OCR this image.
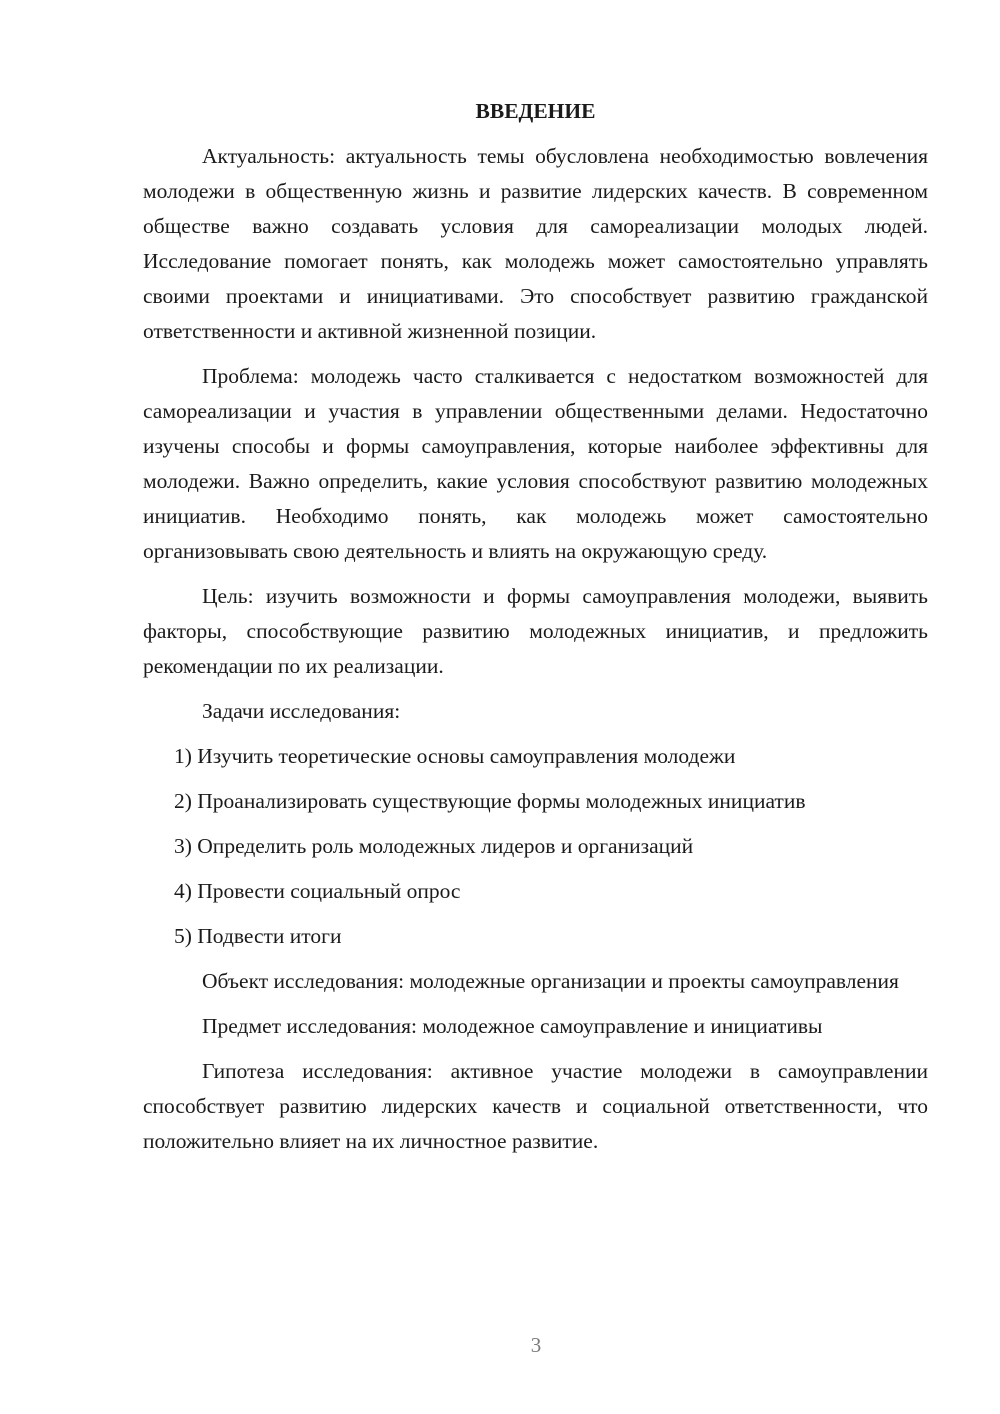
ВВЕДЕНИЕ

Актуальность: актуальность темы обусловлена необходимостью вовлечения молодежи в общественную жизнь и развитие лидерских качеств. В современном обществе важно создавать условия для самореализации молодых людей. Исследование помогает понять, как молодежь может самостоятельно управлять своими проектами и инициативами. Это способствует развитию гражданской ответственности и активной жизненной позиции.

Проблема: молодежь часто сталкивается с недостатком возможностей для самореализации и участия в управлении общественными делами. Недостаточно изучены способы и формы самоуправления, которые наиболее эффективны для молодежи. Важно определить, какие условия способствуют развитию молодежных инициатив. Необходимо понять, как молодежь может самостоятельно организовывать свою деятельность и влиять на окружающую среду.

Цель: изучить возможности и формы самоуправления молодежи, выявить факторы, способствующие развитию молодежных инициатив, и предложить рекомендации по их реализации.

Задачи исследования:

1) Изучить теоретические основы самоуправления молодежи
2) Проанализировать существующие формы молодежных инициатив
3) Определить роль молодежных лидеров и организаций
4) Провести социальный опрос
5) Подвести итоги

Объект исследования: молодежные организации и проекты самоуправления

Предмет исследования: молодежное самоуправление и инициативы

Гипотеза исследования: активное участие молодежи в самоуправлении способствует развитию лидерских качеств и социальной ответственности, что положительно влияет на их личностное развитие.

3
